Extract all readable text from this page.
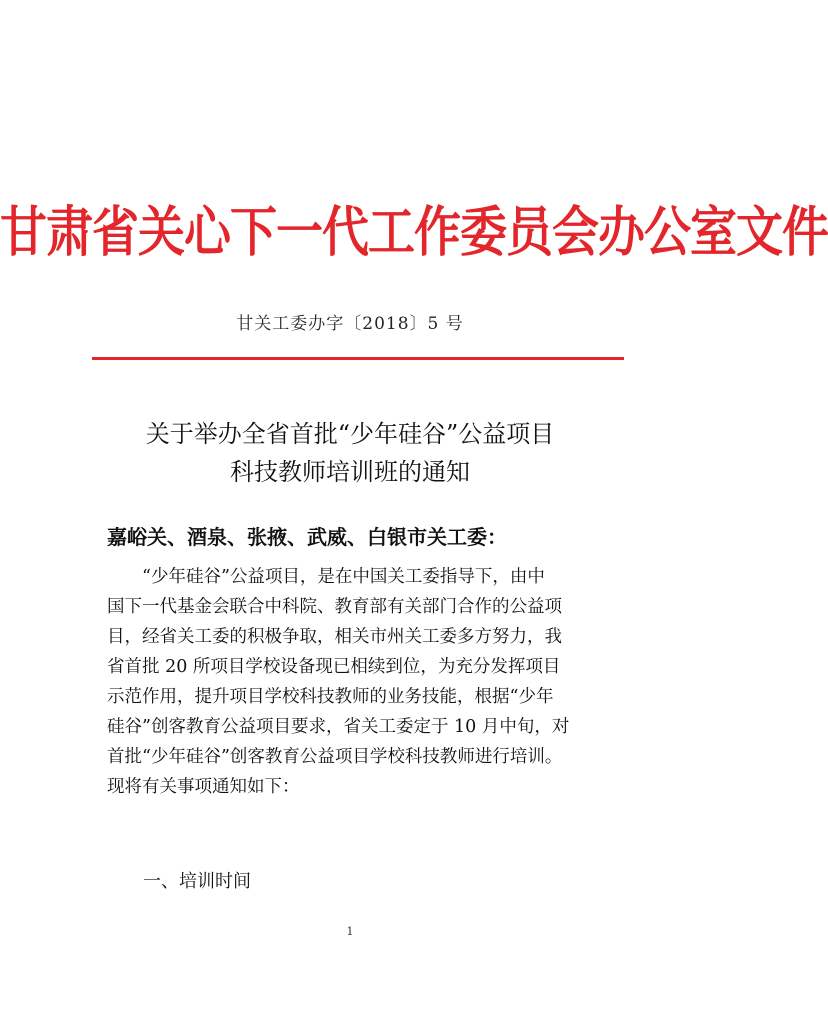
甘肃省关心下一代工作委员会办公室文件
甘关工委办字〔2018〕5 号
关于举办全省首批“少年硅谷”公益项目
科技教师培训班的通知
嘉峪关、酒泉、张掖、武威、白银市关工委：
　　“少年硅谷”公益项目，是在中国关工委指导下，由中
国下一代基金会联合中科院、教育部有关部门合作的公益项
目，经省关工委的积极争取，相关市州关工委多方努力，我
省首批 20 所项目学校设备现已相续到位，为充分发挥项目
示范作用，提升项目学校科技教师的业务技能，根据“少年
硅谷”创客教育公益项目要求，省关工委定于 10 月中旬，对
首批“少年硅谷”创客教育公益项目学校科技教师进行培训。
现将有关事项通知如下：
一、培训时间
1
